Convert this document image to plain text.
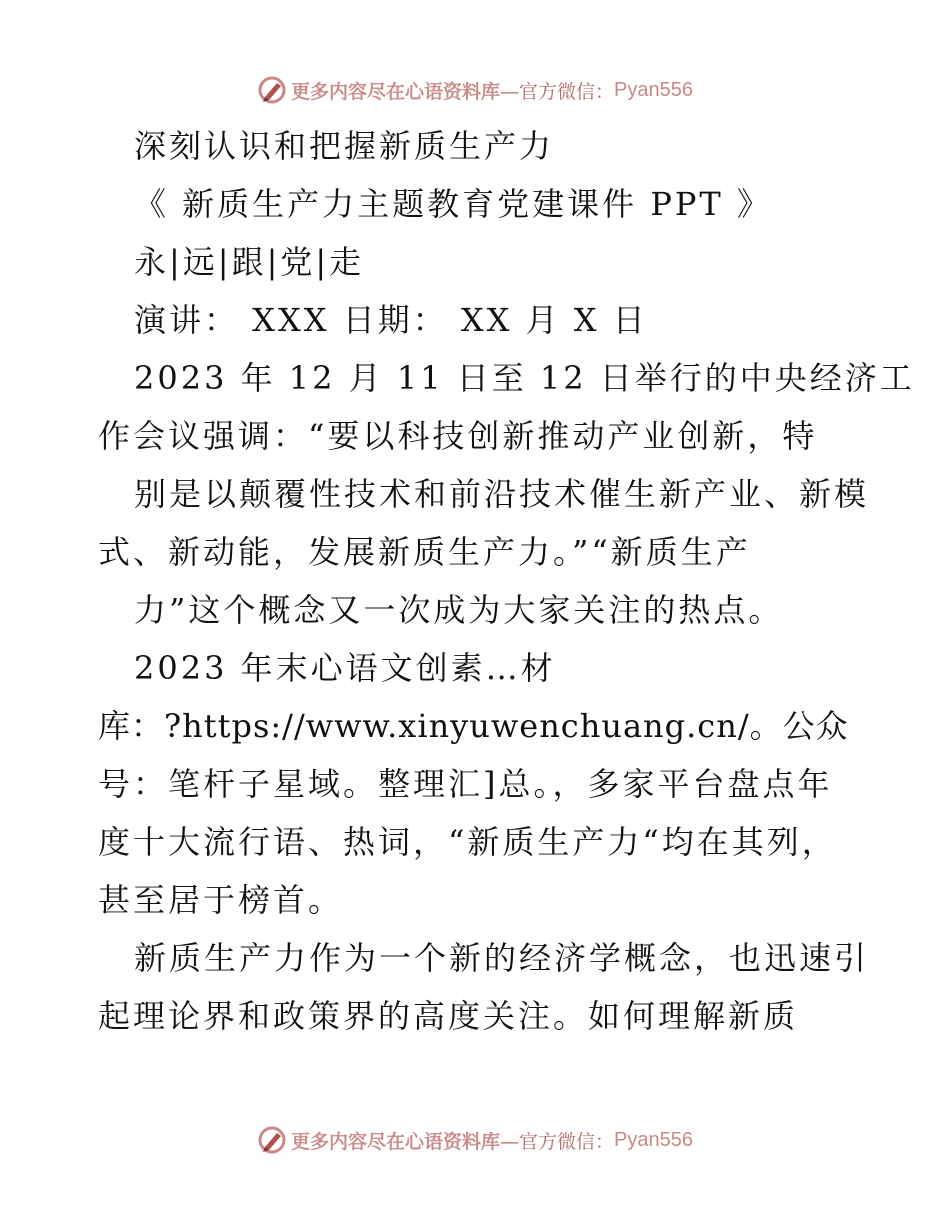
更多内容尽在心语资料库 —官方微信： Pyan556
深刻认识和把握新质生产力
《 新质生产力主题教育党建课件 PPT 》
永|远|跟|党|走
演讲： XXX 日期： XX 月 X 日
2023 年 12 月 11 日至 12 日举行的中央经济工
作会议强调：“要以科技创新推动产业创新，特
别是以颠覆性技术和前沿技术催生新产业、新模
式、新动能，发展新质生产力。”“新质生产
力”这个概念又一次成为大家关注的热点。
2023 年末心语文创素…材
库：?https://www.xinyuwenchuang.cn/。公众
号：笔杆子星域。整理汇]总。，多家平台盘点年
度十大流行语、热词，“新质生产力“均在其列，
甚至居于榜首。
新质生产力作为一个新的经济学概念，也迅速引
起理论界和政策界的高度关注。如何理解新质
更多内容尽在心语资料库 —官方微信： Pyan556
